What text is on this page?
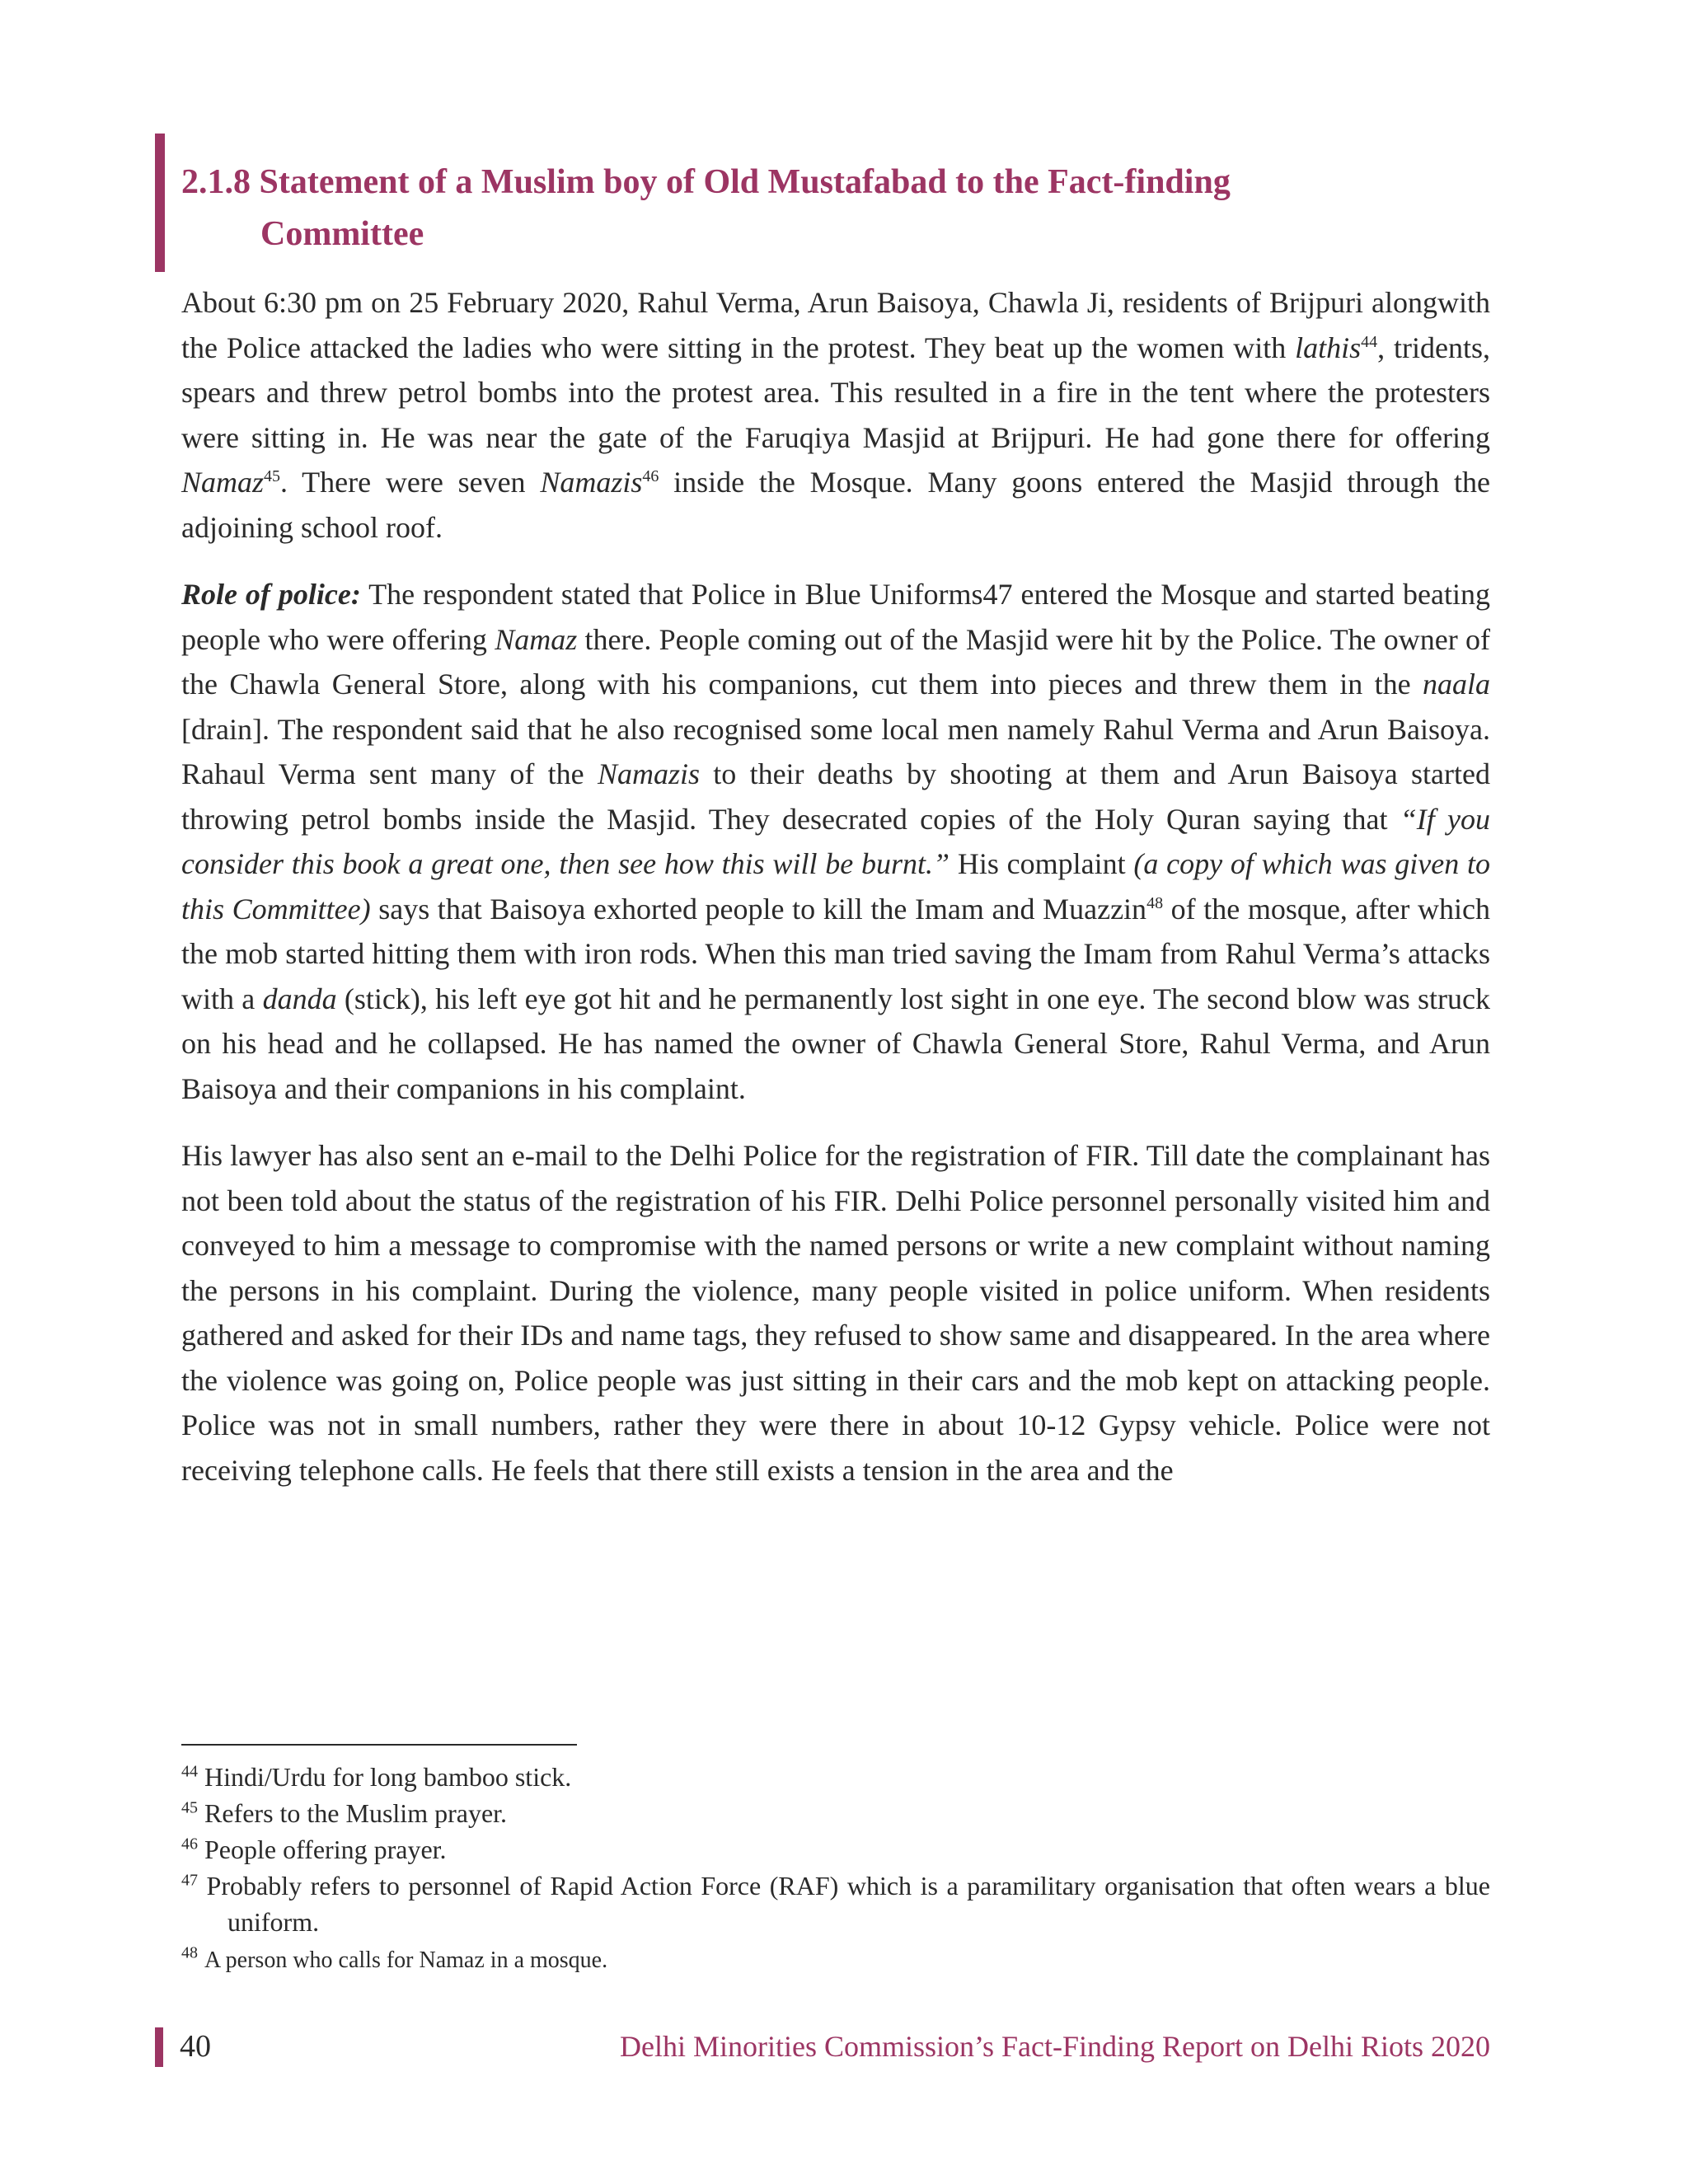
2.1.8 Statement of a Muslim boy of Old Mustafabad to the Fact-finding
Committee

About 6:30 pm on 25 February 2020, Rahul Verma, Arun Baisoya, Chawla Ji, residents of Brijpuri alongwith the Police attacked the ladies who were sitting in the protest. They beat up the women with lathis$^{44}$, tridents, spears and threw petrol bombs into the protest area. This resulted in a fire in the tent where the protesters were sitting in. He was near the gate of the Faruqiya Masjid at Brijpuri. He had gone there for offering Namaz$^{45}$. There were seven Namazis$^{46}$ inside the Mosque. Many goons entered the Masjid through the adjoining school roof.

Role of police: The respondent stated that Police in Blue Uniforms47 entered the Mosque and started beating people who were offering Namaz there. People coming out of the Masjid were hit by the Police. The owner of the Chawla General Store, along with his companions, cut them into pieces and threw them in the naala [drain]. The respondent said that he also recognised some local men namely Rahul Verma and Arun Baisoya. Rahaul Verma sent many of the Namazis to their deaths by shooting at them and Arun Baisoya started throwing petrol bombs inside the Masjid. They desecrated copies of the Holy Quran saying that “If you consider this book a great one, then see how this will be burnt.” His complaint (a copy of which was given to this Committee) says that Baisoya exhorted people to kill the Imam and Muazzin$^{48}$ of the mosque, after which the mob started hitting them with iron rods. When this man tried saving the Imam from Rahul Verma’s attacks with a danda (stick), his left eye got hit and he permanently lost sight in one eye. The second blow was struck on his head and he collapsed. He has named the owner of Chawla General Store, Rahul Verma, and Arun Baisoya and their companions in his complaint.

His lawyer has also sent an e-mail to the Delhi Police for the registration of FIR. Till date the complainant has not been told about the status of the registration of his FIR. Delhi Police personnel personally visited him and conveyed to him a message to compromise with the named persons or write a new complaint without naming the persons in his complaint. During the violence, many people visited in police uniform. When residents gathered and asked for their IDs and name tags, they refused to show same and disappeared. In the area where the violence was going on, Police people was just sitting in their cars and the mob kept on attacking people. Police was not in small numbers, rather they were there in about 10-12 Gypsy vehicle. Police were not receiving telephone calls. He feels that there still exists a tension in the area and the

$^{44}$ Hindi/Urdu for long bamboo stick.

$^{45}$ Refers to the Muslim prayer.

$^{46}$ People offering prayer.

$^{47}$ Probably refers to personnel of Rapid Action Force (RAF) which is a paramilitary organisation that often wears a blue uniform.

$^{48}$ A person who calls for Namaz in a mosque.

40	Delhi Minorities Commission’s Fact-Finding Report on Delhi Riots 2020
